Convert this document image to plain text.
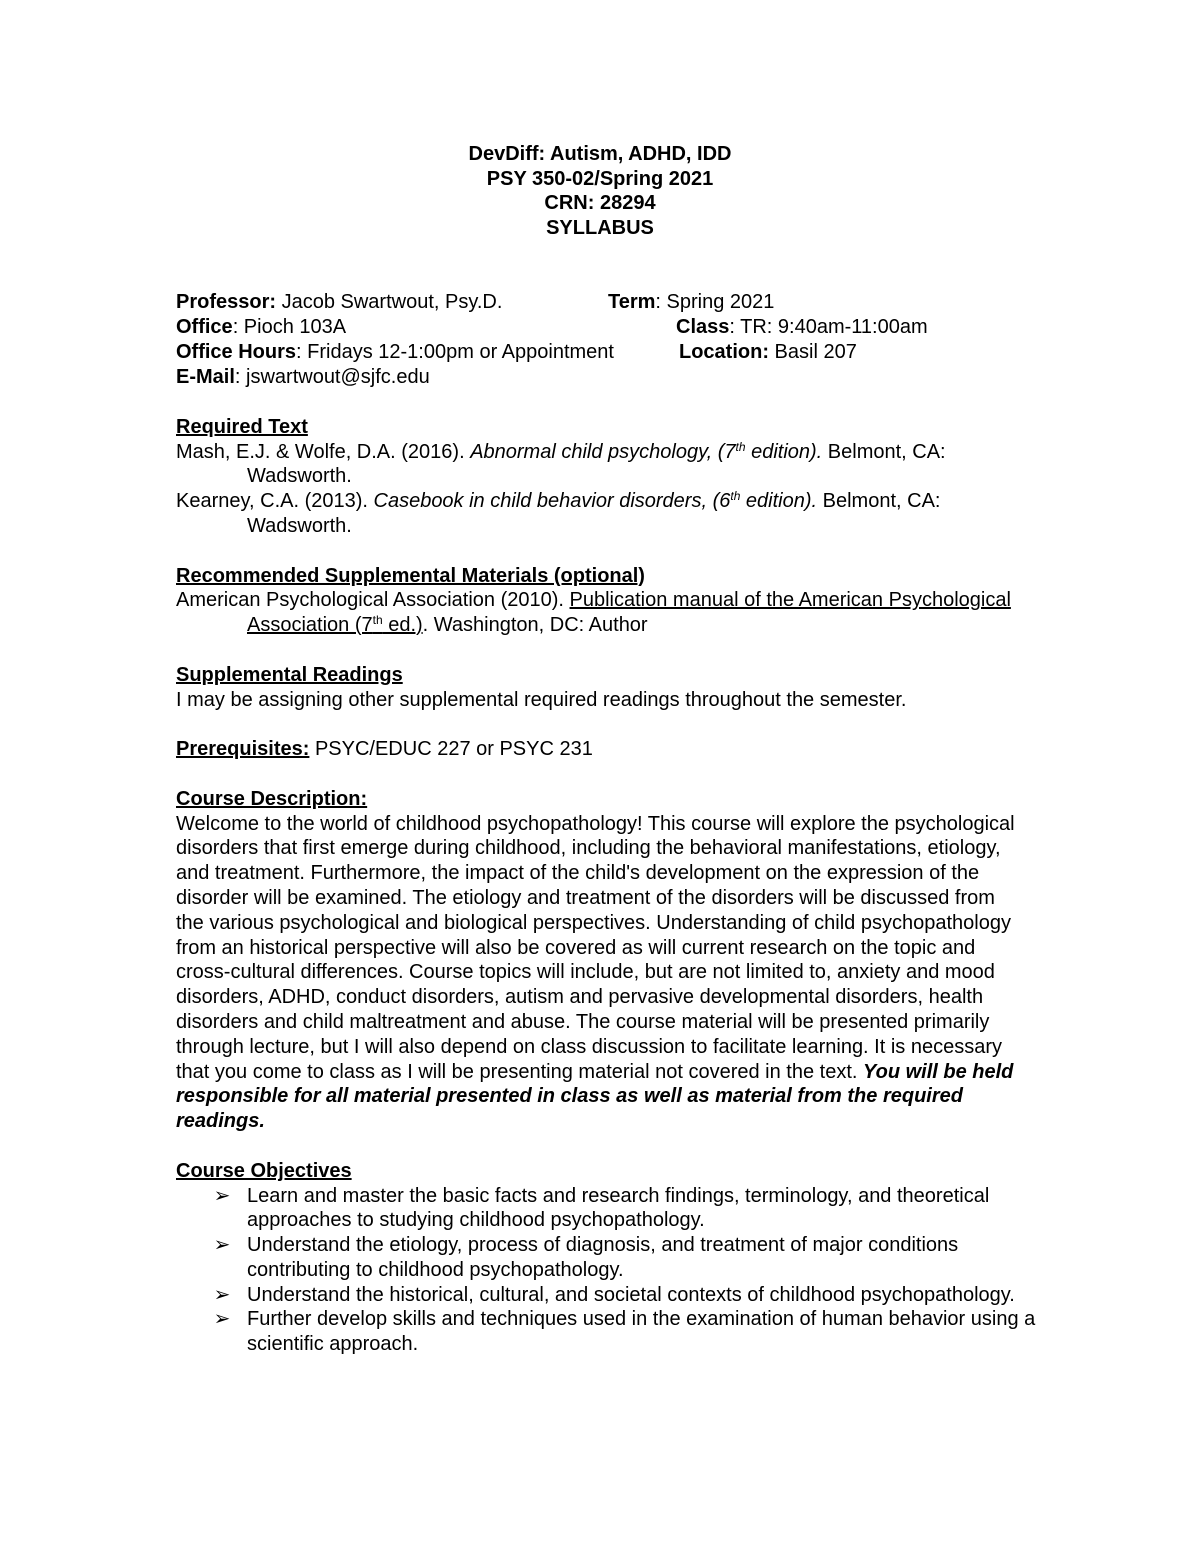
DevDiff: Autism, ADHD, IDD
PSY 350-02/Spring 2021
CRN: 28294
SYLLABUS
Professor: Jacob Swartwout, Psy.D.	Term: Spring 2021
Office: Pioch 103A	Class: TR: 9:40am-11:00am
Office Hours: Fridays 12-1:00pm or Appointment	Location: Basil 207
E-Mail: jswartwout@sjfc.edu
Required Text
Mash, E.J. & Wolfe, D.A. (2016). Abnormal child psychology, (7th edition). Belmont, CA: Wadsworth.
Kearney, C.A. (2013). Casebook in child behavior disorders, (6th edition). Belmont, CA: Wadsworth.
Recommended Supplemental Materials (optional)
American Psychological Association (2010). Publication manual of the American Psychological Association (7th ed.). Washington, DC: Author
Supplemental Readings
I may be assigning other supplemental required readings throughout the semester.
Prerequisites: PSYC/EDUC 227 or PSYC 231
Course Description:
Welcome to the world of childhood psychopathology! This course will explore the psychological disorders that first emerge during childhood, including the behavioral manifestations, etiology, and treatment. Furthermore, the impact of the child's development on the expression of the disorder will be examined. The etiology and treatment of the disorders will be discussed from the various psychological and biological perspectives. Understanding of child psychopathology from an historical perspective will also be covered as will current research on the topic and cross-cultural differences. Course topics will include, but are not limited to, anxiety and mood disorders, ADHD, conduct disorders, autism and pervasive developmental disorders, health disorders and child maltreatment and abuse. The course material will be presented primarily through lecture, but I will also depend on class discussion to facilitate learning. It is necessary that you come to class as I will be presenting material not covered in the text. You will be held responsible for all material presented in class as well as material from the required readings.
Course Objectives
➢ Learn and master the basic facts and research findings, terminology, and theoretical approaches to studying childhood psychopathology.
➢ Understand the etiology, process of diagnosis, and treatment of major conditions contributing to childhood psychopathology.
➢ Understand the historical, cultural, and societal contexts of childhood psychopathology.
➢ Further develop skills and techniques used in the examination of human behavior using a scientific approach.
